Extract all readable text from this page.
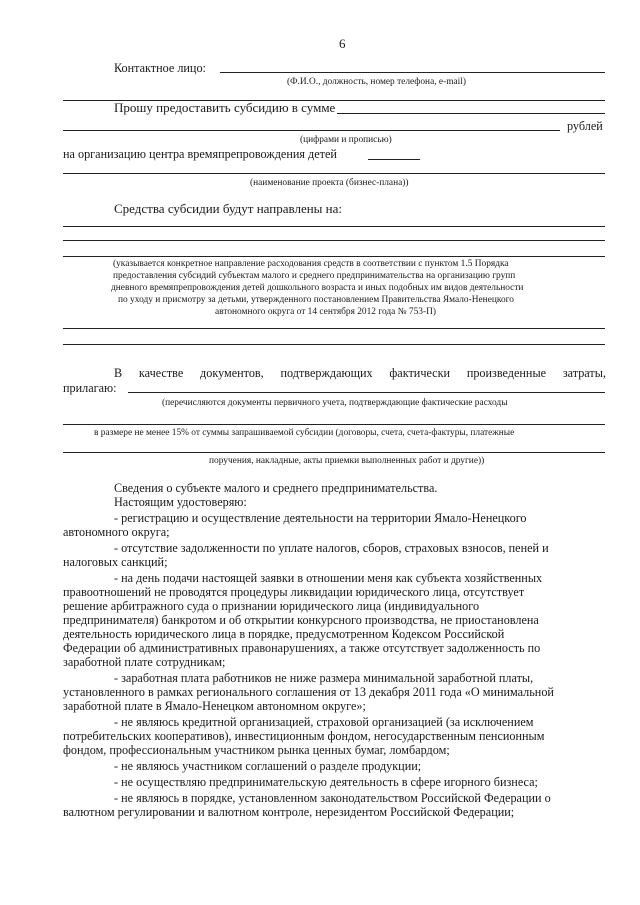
6
Контактное лицо:
(Ф.И.О., должность, номер телефона, e-mail)
Прошу предоставить субсидию в сумме
рублей
(цифрами и прописью)
на организацию центра времяпрепровождения детей
(наименование проекта (бизнес-плана))
Средства субсидии будут направлены на:
(указывается конкретное направление расходования средств в соответствии с пунктом 1.5 Порядка
предоставления субсидий субъектам малого и среднего предпринимательства на организацию групп
дневного времяпрепровождения детей дошкольного возраста и иных подобных им видов деятельности
по уходу и присмотру за детьми, утвержденного постановлением Правительства Ямало-Ненецкого
автономного округа от 14 сентября 2012 года № 753-П)
В качестве документов, подтверждающих фактически произведенные затраты,
прилагаю:
(перечисляются документы первичного учета, подтверждающие фактические расходы
в размере не менее 15% от суммы запрашиваемой субсидии (договоры, счета, счета-фактуры, платежные
поручения, накладные, акты приемки выполненных работ и другие))
Сведения о субъекте малого и среднего предпринимательства.
Настоящим удостоверяю:
- регистрацию и осуществление деятельности на территории Ямало-Ненецкого
автономного округа;
- отсутствие задолженности по уплате налогов, сборов, страховых взносов, пеней и
налоговых санкций;
- на день подачи настоящей заявки в отношении меня как субъекта хозяйственных
правоотношений не проводятся процедуры ликвидации юридического лица, отсутствует
решение арбитражного суда о признании юридического лица (индивидуального
предпринимателя) банкротом и об открытии конкурсного производства, не приостановлена
деятельность юридического лица в порядке, предусмотренном Кодексом Российской
Федерации об административных правонарушениях, а также отсутствует задолженность по
заработной плате сотрудникам;
- заработная плата работников не ниже размера минимальной заработной платы,
установленного в рамках регионального соглашения от 13 декабря 2011 года «О минимальной
заработной плате в Ямало-Ненецком автономном округе»;
- не являюсь кредитной организацией, страховой организацией (за исключением
потребительских кооперативов), инвестиционным фондом, негосударственным пенсионным
фондом, профессиональным участником рынка ценных бумаг, ломбардом;
- не являюсь участником соглашений о разделе продукции;
- не осуществляю предпринимательскую деятельность в сфере игорного бизнеса;
- не являюсь в порядке, установленном законодательством Российской Федерации о
валютном регулировании и валютном контроле, нерезидентом Российской Федерации;
